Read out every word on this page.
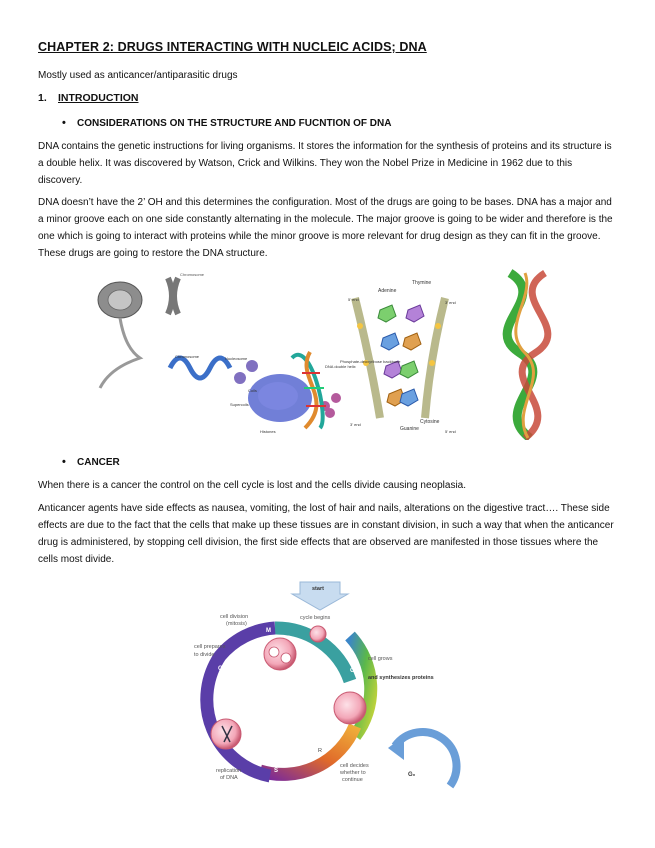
CHAPTER 2: DRUGS INTERACTING WITH NUCLEIC ACIDS; DNA
Mostly used as anticancer/antiparasitic drugs
1. INTRODUCTION
• CONSIDERATIONS ON THE STRUCTURE AND FUCNTION OF DNA
DNA contains the genetic instructions for living organisms. It stores the information for the synthesis of proteins and its structure is a double helix. It was discovered by Watson, Crick and Wilkins. They won the Nobel Prize in Medicine in 1962 due to this discovery.
DNA doesn’t have the 2’ OH and this determines the configuration. Most of the drugs are going to be bases. DNA has a major and a minor groove each on one side constantly alternating in the molecule. The major groove is going to be wider and therefore is the one which is going to interact with proteins while the minor groove is more relevant for drug design as they can fit in the groove. These drugs are going to restore the DNA structure.
Chromosome
Chromosome	Nucleosome
DNA double helix
Coils
Supercoils
Histones
Adenine
Thymine
5' end
3' end
Phosphate-deoxyribose backbone
Guanine
Cytosine
3' end
5' end
• CANCER
When there is a cancer the control on the cell cycle is lost and the cells divide causing neoplasia.
Anticancer agents have side effects as nausea, vomiting, the lost of hair and nails, alterations on the digestive tract…. These side effects are due to the fact that the cells that make up these tissues are in constant division, in such a way that when the anticancer drug is administered, by stopping cell division, the first side effects that are observed are manifested in those tissues where the cells most divide.
start
M
G1
G2
S
R
G₀
cell division
(mitosis)
cycle begins
cell prepares
to divide
cell grows
and synthesizes proteins
replication
of DNA
cell decides
whether to
continue
